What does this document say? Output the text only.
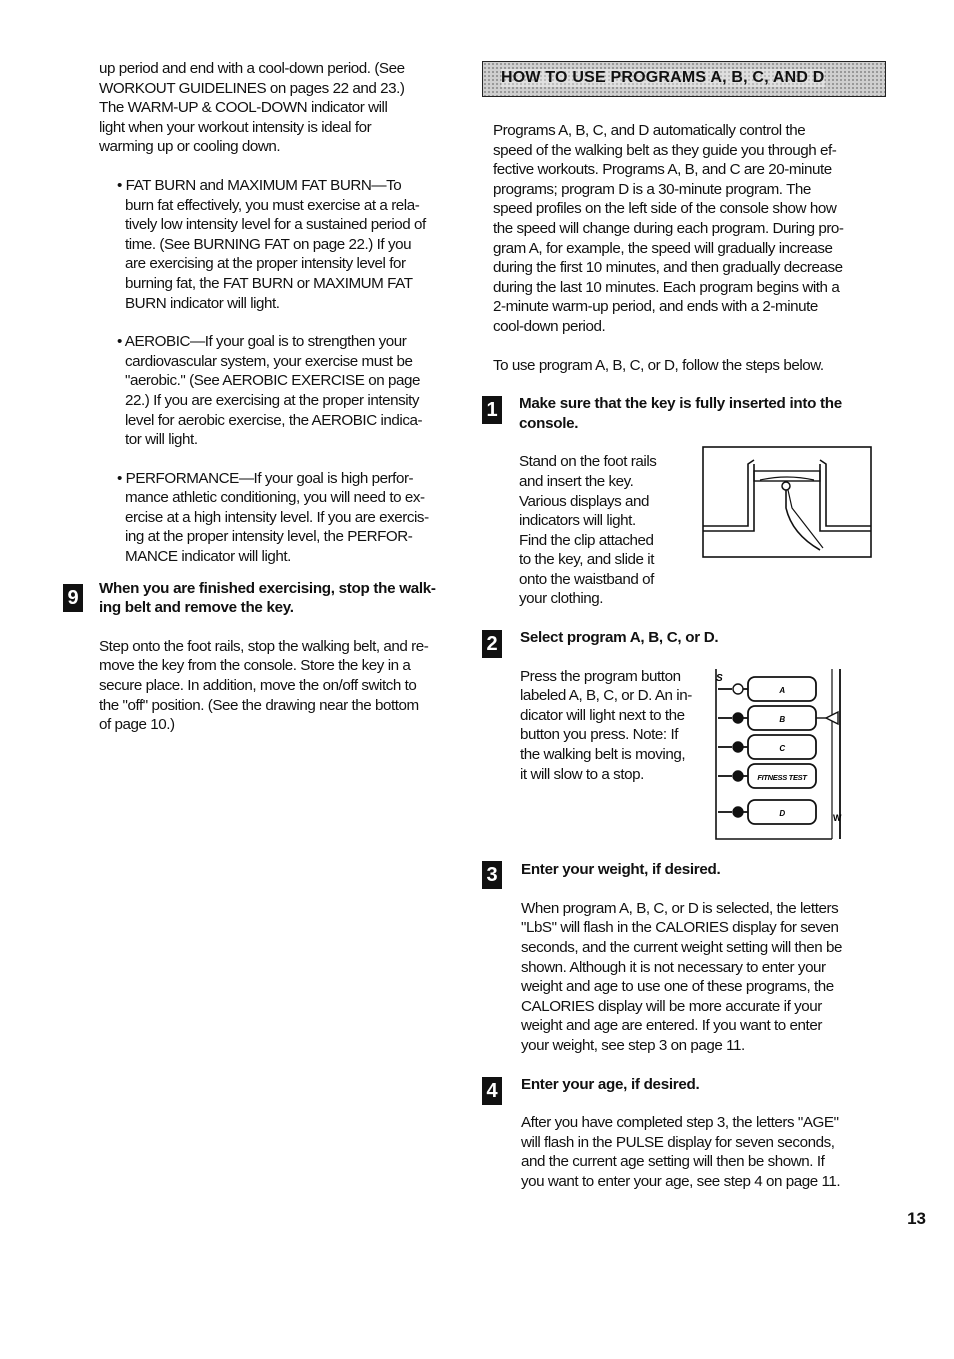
up period and end with a cool-down period. (See

WORKOUT GUIDELINES on pages 22 and 23.)

The WARM-UP & COOL-DOWN indicator will

light when your workout intensity is ideal for

warming up or cooling down.

• FAT BURN and MAXIMUM FAT BURN—To

burn fat effectively, you must exercise at a rela-

tively low intensity level for a sustained period of

time. (See BURNING FAT on page 22.) If you

are exercising at the proper intensity level for

burning fat, the FAT BURN or MAXIMUM FAT

BURN indicator will light.

• AEROBIC—If your goal is to strengthen your

cardiovascular system, your exercise must be

"aerobic." (See AEROBIC EXERCISE on page

22.) If you are exercising at the proper intensity

level for aerobic exercise, the AEROBIC indica-

tor will light.

• PERFORMANCE—If your goal is high perfor-

mance athletic conditioning, you will need to ex-

ercise at a high intensity level. If you are exercis-

ing at the proper intensity level, the PERFOR-

MANCE indicator will light.

9 When you are finished exercising, stop the walk-

ing belt and remove the key.

Step onto the foot rails, stop the walking belt, and re-

move the key from the console. Store the key in a

secure place. In addition, move the on/off switch to

the "off" position. (See the drawing near the bottom

of page 10.)

HOW TO USE PROGRAMS A, B, C, AND D

Programs A, B, C, and D automatically control the

speed of the walking belt as they guide you through ef-

fective workouts. Programs A, B, and C are 20-minute

programs; program D is a 30-minute program. The

speed profiles on the left side of the console show how

the speed will change during each program. During pro-

gram A, for example, the speed will gradually increase

during the first 10 minutes, and then gradually decrease

during the last 10 minutes. Each program begins with a

2-minute warm-up period, and ends with a 2-minute

cool-down period.

To use program A, B, C, or D, follow the steps below.

1 Make sure that the key is fully inserted into the

console.

Stand on the foot rails

and insert the key.

Various displays and

indicators will light.

Find the clip attached

to the key, and slide it

onto the waistband of

your clothing.

2 Select program A, B, C, or D.

Press the program button

labeled A, B, C, or D. An in-

dicator will light next to the

button you press. Note: If

the walking belt is moving,

it will slow to a stop.

S
W
A
B
C
FITNESS TEST
D
3 Enter your weight, if desired.

When program A, B, C, or D is selected, the letters

"LbS" will flash in the CALORIES display for seven

seconds, and the current weight setting will then be

shown. Although it is not necessary to enter your

weight and age to use one of these programs, the

CALORIES display will be more accurate if your

weight and age are entered. If you want to enter

your weight, see step 3 on page 11.

4 Enter your age, if desired.

After you have completed step 3, the letters "AGE"

will flash in the PULSE display for seven seconds,

and the current age setting will then be shown. If

you want to enter your age, see step 4 on page 11.

13
